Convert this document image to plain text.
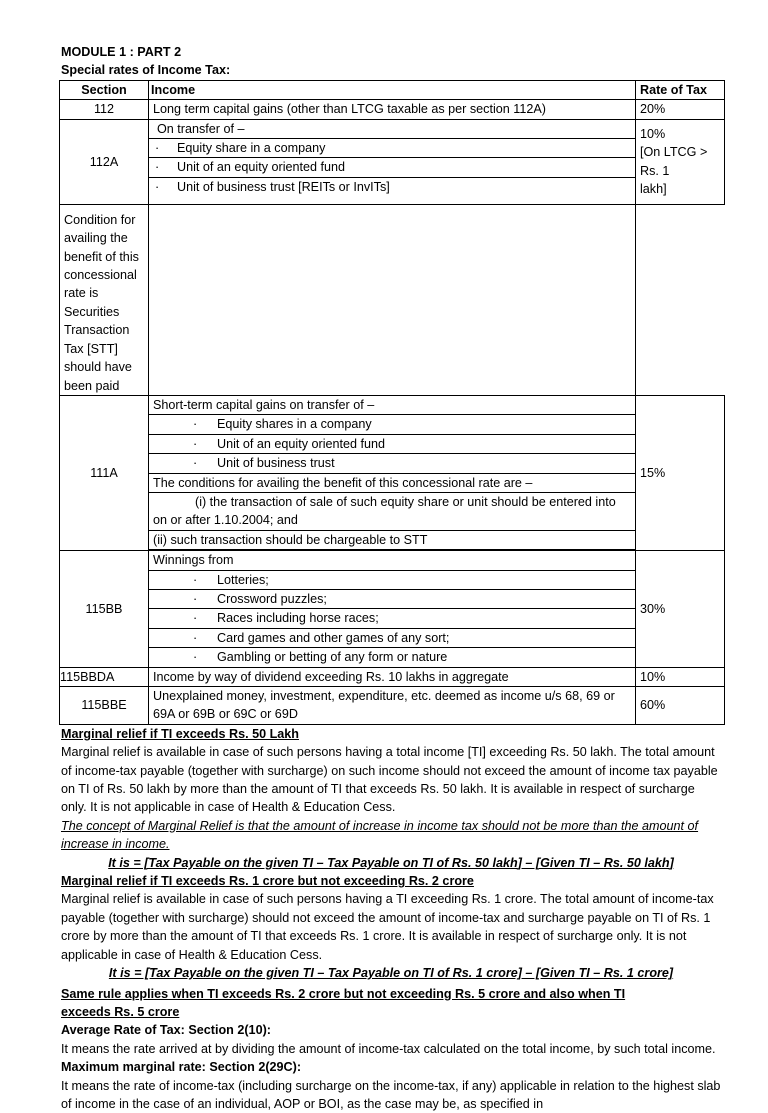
MODULE 1 : PART 2

Special rates of Income Tax:

Section	Income	Rate of Tax
112	Long term capital gains (other than LTCG taxable as per section 112A)	20%
112A	On transfer of –	10%
[On LTCG >
Rs. 1
lakh]

	· Equity share in a company	

	· Unit of an equity oriented fund	

	· Unit of business trust [REITs or InvITs]	

Condition for availing the benefit of this concessional rate is Securities Transaction Tax [STT] should have been paid		
111A	Short-term capital gains on transfer of –	15%

	· Equity shares in a company	

	· Unit of an equity oriented fund	

	· Unit of business trust	

	The conditions for availing the benefit of this concessional rate are –	
	(i) the transaction of sale of such equity share or unit should be entered into on or after 1.10.2004; and	
	(ii) such transaction should be chargeable to STT	

115BB	Winnings from	30%

	· Lotteries;	

	· Crossword puzzles;	

	· Races including horse races;	

	· Card games and other games of any sort;	

	· Gambling or betting of any form or nature	

115BBDA	Income by way of dividend exceeding Rs. 10 lakhs in aggregate	10%
115BBE	Unexplained money, investment, expenditure, etc. deemed as income u/s 68, 69 or 69A or 69B or 69C or 69D	60%

Marginal relief if TI exceeds Rs. 50 Lakh

Marginal relief is available in case of such persons having a total income [TI] exceeding Rs. 50 lakh. The total amount of income-tax payable (together with surcharge) on such income should not exceed the amount of income tax payable on TI of Rs. 50 lakh by more than the amount of TI that exceeds Rs. 50 lakh. It is available in respect of surcharge only. It is not applicable in case of Health & Education Cess.

The concept of Marginal Relief is that the amount of increase in income tax should not be more than the amount of increase in income.

It is = [Tax Payable on the given TI – Tax Payable on TI of Rs. 50 lakh] – [Given TI – Rs. 50 lakh]

Marginal relief if TI exceeds Rs. 1 crore but not exceeding Rs. 2 crore

Marginal relief is available in case of such persons having a TI exceeding Rs. 1 crore. The total amount of income-tax payable (together with surcharge) should not exceed the amount of income-tax and surcharge payable on TI of Rs. 1 crore by more than the amount of TI that exceeds Rs. 1 crore. It is available in respect of surcharge only. It is not applicable in case of Health & Education Cess.

It is = [Tax Payable on the given TI – Tax Payable on TI of Rs. 1 crore] – [Given TI – Rs. 1 crore]

Same rule applies when TI exceeds Rs. 2 crore but not exceeding Rs. 5 crore and also when TI exceeds Rs. 5 crore

Average Rate of Tax: Section 2(10):

It means the rate arrived at by dividing the amount of income-tax calculated on the total income, by such total income.

Maximum marginal rate: Section 2(29C):

It means the rate of income-tax (including surcharge on the income-tax, if any) applicable in relation to the highest slab of income in the case of an individual, AOP or BOI, as the case may be, as specified in
